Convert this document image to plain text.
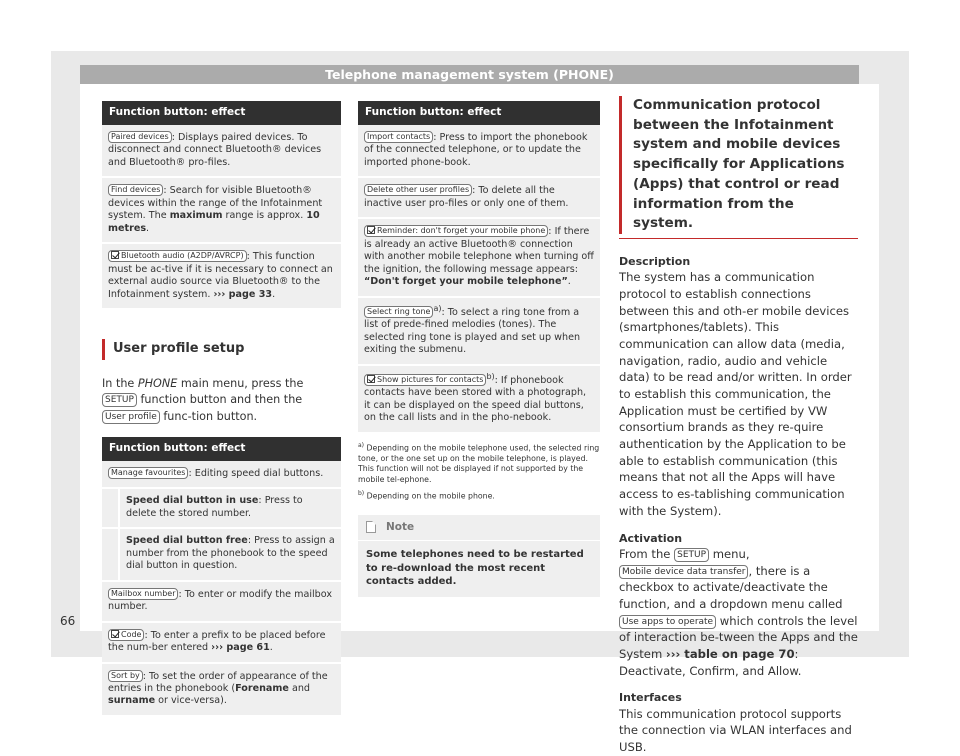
Telephone management system (PHONE)
Function button: effect
Paired devices : Displays paired devices. To disconnect and connect Bluetooth® devices and Bluetooth® pro-files.
Find devices : Search for visible Bluetooth® devices within the range of the Infotainment system. The maximum range is approx. 10 metres.
Bluetooth audio (A2DP/AVRCP) : This function must be ac-tive if it is necessary to connect an external audio source via Bluetooth® to the Infotainment system. ››› page 33.
User profile setup
In the PHONE main menu, press the SETUP function button and then the User profile func-tion button.
Function button: effect
Manage favourites : Editing speed dial buttons.
Speed dial button in use: Press to delete the stored number.
Speed dial button free: Press to assign a number from the phonebook to the speed dial button in question.
Mailbox number : To enter or modify the mailbox number.
Code : To enter a prefix to be placed before the num-ber entered ››› page 61.
Sort by : To set the order of appearance of the entries in the phonebook (Forename and surname or vice-versa).
Function button: effect
Import contacts : Press to import the phonebook of the connected telephone, or to update the imported phone-book.
Delete other user profiles : To delete all the inactive user pro-files or only one of them.
Reminder: don't forget your mobile phone : If there is already an active Bluetooth® connection with another mobile telephone when turning off the ignition, the following message appears: “Don't forget your mobile telephone”.
Select ring tone $^{a)}$: To select a ring tone from a list of prede-fined melodies (tones). The selected ring tone is played and set up when exiting the submenu.
Show pictures for contacts $^{b)}$: If phonebook contacts have been stored with a photograph, it can be displayed on the speed dial buttons, on the call lists and in the pho-nebook.
$^{a)}$ Depending on the mobile telephone used, the selected ring tone, or the one set up on the mobile telephone, is played. This function will not be displayed if not supported by the mobile tel-ephone.
$^{b)}$ Depending on the mobile phone.
Note
Some telephones need to be restarted to re-download the most recent contacts added.
Communication protocol between the Infotainment system and mobile devices specifically for Applications (Apps) that control or read information from the system.
Description
The system has a communication protocol to establish connections between this and oth-er mobile devices (smartphones/tablets). This communication can allow data (media, navigation, radio, audio and vehicle data) to be read and/or written. In order to establish this communication, the Application must be certified by VW consortium brands as they re-quire authentication by the Application to be able to establish communication (this means that not all the Apps will have access to es-tablishing communication with the System).
Activation
From the SETUP menu, Mobile device data transfer , there is a checkbox to activate/deactivate the function, and a dropdown menu called Use apps to operate which controls the level of interaction be-tween the Apps and the System ››› table on page 70: Deactivate, Confirm, and Allow.
Interfaces
This communication protocol supports the connection via WLAN interfaces and USB.
66
